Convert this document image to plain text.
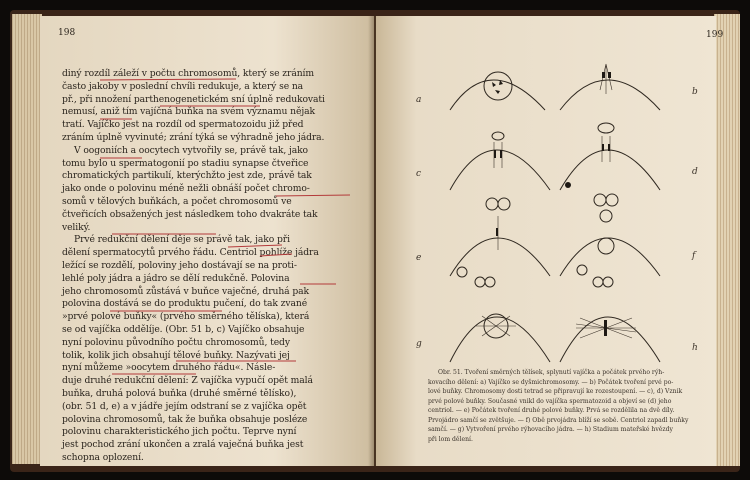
198
diný rozdíl záleží v počtu chromosomů, který se zráním
často jakoby v poslední chvíli redukuje, a který se na
př., při nnožení parthenogenetickém sní úplně redukovati
nemusí, aniž tím vajíčná buňka na svém významu nějak
tratí. Vajíčko jest na rozdíl od spermatozoidu již před
zráním úplně vyvinuté; zrání týká se výhradně jeho jádra.
V oogoniích a oocytech vytvořily se, právě tak, jako
tomu bylo u spermatogonií po stadiu synapse čtveřice
chromatických partikulí, kterýchžto jest zde, právě tak
jako onde o polovinu méně nežli obnáší počet chromo-
somů v tělových buňkách, a počet chromosomů ve
čtveřicích obsažených jest následkem toho dvakráte tak
veliký.
Prvé redukční dělení děje se právě tak, jako při
dělení spermatocytů prvého řádu. Centriol pohlíže jádra
ležící se rozdělí, poloviny jeho dostávají se na proti-
lehlé poly jádra a jádro se dělí redukčně. Polovina
jeho chromosomů zůstává v buňce vaječné, druhá pak
polovina dostává se do produktu pučení, do tak zvané
»prvé polové buňky« (prvého směrného tělíska), která
se od vajíčka oddělíje. (Obr. 51 b, c) Vajíčko obsahuje
nyní polovinu původního počtu chromosomů, tedy
tolik, kolik jich obsahují tělové buňky. Nazývati jej
nyní můžeme »oocytem druhého řádu«. Násle-
duje druhé redukční dělení: Z vajíčka vypučí opět malá
buňka, druhá polová buňka (druhé směrné tělísko),
(obr. 51 d, e) a v jádře jejím odstraní se z vajíčka opět
polovina chromosomů, tak že buňka obsahuje posléze
polovinu charakteristického jich počtu. Teprve nyní
jest pochod zrání ukončen a zralá vaječná buňka jest
schopna oplození.
199
a
b
c	d
e	f
g	h
Obr. 51. Tvoření směrných tělísek, splynutí vajíčka a počátek prvého rýh-
kovacího dělení: a) Vajíčko se dyšmichromosomy. — b) Počátek tvoření prvé po-
lové buňky. Chromosomy dosti tetrad se připravují ke rozestoupení. — c), d) Vznik
prvé polové buňky. Současné vnikl do vajíčka spermatozoid a objeví se (d) jeho
centriol. — e) Počátek tvoření druhé polové buňky. Prvá se rozdělila na dvě díly.
Prvojádro samčí se zvětšuje. — f) Obě prvojádra blíží se sobě. Centriol zapadl buňky
samčí. — g) Vytvoření prvého rýhovacího jádra. — h) Stadium mateřské hvězdy
při lom dělení.
